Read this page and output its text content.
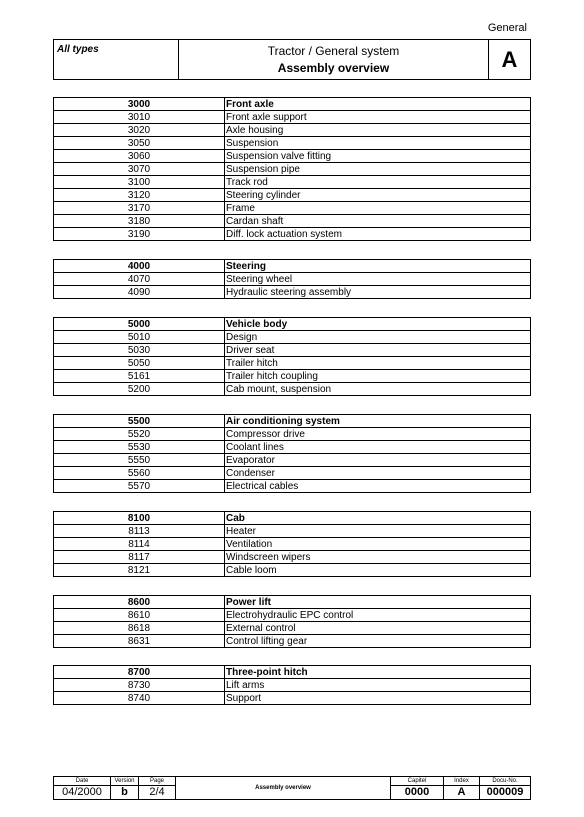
General
All types	Tractor / General system
Assembly overview	A
3000	Front axle
3010	Front axle support
3020	Axle housing
3050	Suspension
3060	Suspension valve fitting
3070	Suspension pipe
3100	Track rod
3120	Steering cylinder
3170	Frame
3180	Cardan shaft
3190	Diff. lock actuation system
4000	Steering
4070	Steering wheel
4090	Hydraulic steering assembly
5000	Vehicle body
5010	Design
5030	Driver seat
5050	Trailer hitch
5161	Trailer hitch coupling
5200	Cab mount, suspension
5500	Air conditioning system
5520	Compressor drive
5530	Coolant lines
5550	Evaporator
5560	Condenser
5570	Electrical cables
8100	Cab
8113	Heater
8114	Ventilation
8117	Windscreen wipers
8121	Cable loom
8600	Power lift
8610	Electrohydraulic EPC control
8618	External control
8631	Control lifting gear
8700	Three-point hitch
8730	Lift arms
8740	Support
Date	Version	Page	Assembly overview	Capitel	Index	Docu-No.
04/2000	b	2/4		0000	A	000009
